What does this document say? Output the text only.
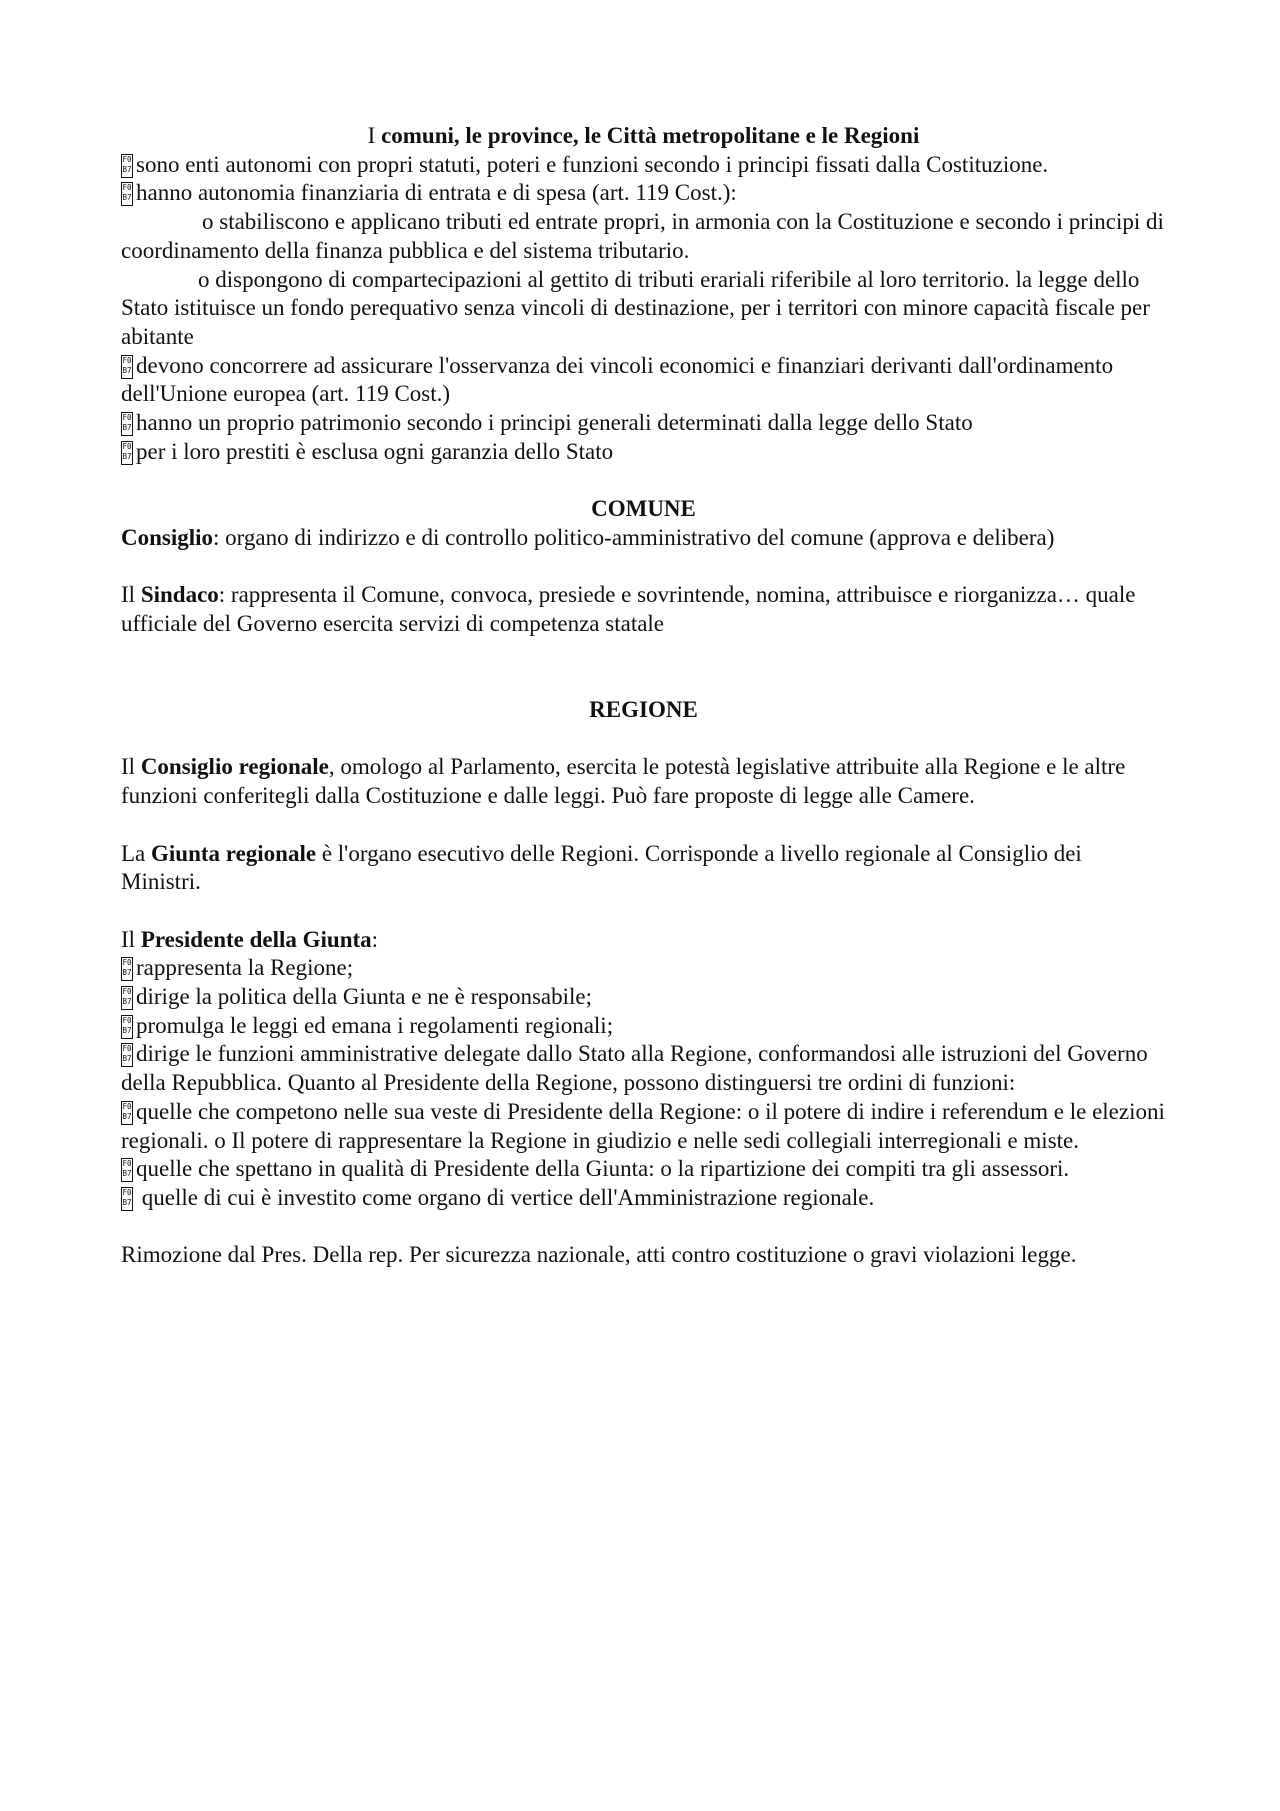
I comuni, le province, le Città metropolitane e le Regioni

F0
B7 sono enti autonomi con propri statuti, poteri e funzioni secondo i principi fissati dalla Costituzione.

F0
B7 hanno autonomia finanziaria di entrata e di spesa (art. 119 Cost.):

o stabiliscono e applicano tributi ed entrate propri, in armonia con la Costituzione e secondo i principi di coordinamento della finanza pubblica e del sistema tributario.

o dispongono di compartecipazioni al gettito di tributi erariali riferibile al loro territorio. la legge dello Stato istituisce un fondo perequativo senza vincoli di destinazione, per i territori con minore capacità fiscale per abitante

F0
B7 devono concorrere ad assicurare l'osservanza dei vincoli economici e finanziari derivanti dall'ordinamento dell'Unione europea (art. 119 Cost.)

F0
B7 hanno un proprio patrimonio secondo i principi generali determinati dalla legge dello Stato

F0
B7 per i loro prestiti è esclusa ogni garanzia dello Stato

COMUNE

Consiglio: organo di indirizzo e di controllo politico-amministrativo del comune (approva e delibera)

Il Sindaco: rappresenta il Comune, convoca, presiede e sovrintende, nomina, attribuisce e riorganizza… quale ufficiale del Governo esercita servizi di competenza statale

REGIONE

Il Consiglio regionale, omologo al Parlamento, esercita le potestà legislative attribuite alla Regione e le altre funzioni conferitegli dalla Costituzione e dalle leggi. Può fare proposte di legge alle Camere.

La Giunta regionale è l'organo esecutivo delle Regioni. Corrisponde a livello regionale al Consiglio dei Ministri.

Il Presidente della Giunta:

F0
B7 rappresenta la Regione;

F0
B7 dirige la politica della Giunta e ne è responsabile;

F0
B7 promulga le leggi ed emana i regolamenti regionali;

F0
B7 dirige le funzioni amministrative delegate dallo Stato alla Regione, conformandosi alle istruzioni del Governo della Repubblica. Quanto al Presidente della Regione, possono distinguersi tre ordini di funzioni:

F0
B7 quelle che competono nelle sua veste di Presidente della Regione: o il potere di indire i referendum e le elezioni regionali. o Il potere di rappresentare la Regione in giudizio e nelle sedi collegiali interregionali e miste.

F0
B7 quelle che spettano in qualità di Presidente della Giunta: o la ripartizione dei compiti tra gli assessori.

F0
B7 quelle di cui è investito come organo di vertice dell'Amministrazione regionale.

Rimozione dal Pres. Della rep. Per sicurezza nazionale, atti contro costituzione o gravi violazioni legge.
